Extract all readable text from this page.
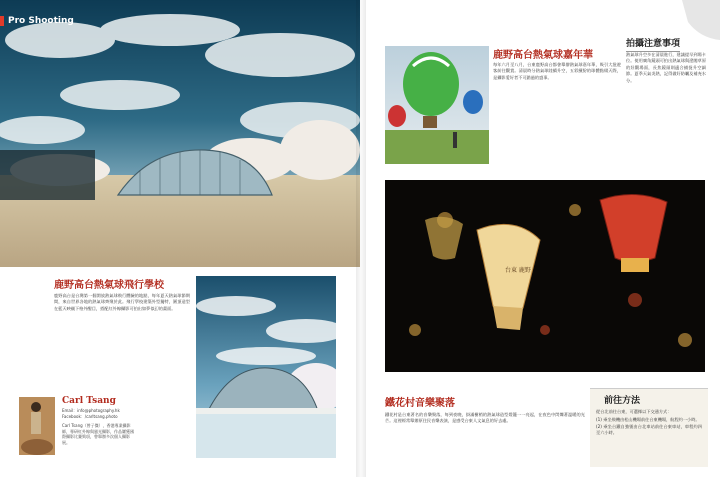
Pro Shooting
鹿野高台熱氣球飛行學校
鹿野高台是台灣第一個開放熱氣球飛行體驗的地點，每年夏天熱氣球節期間，來自世界各地的熱氣球齊聚於此。飛行學校建築外型獨特，圓頂造型在藍天映襯下格外醒目，搭配紅外線攝影可拍出如夢似幻的畫面。
Carl Tsang
Email：info@photography.hk Facebook：/carltsang.photo
Carl Tsang（曾子傑），香港專業攝影師，專研紅外線與風光攝影，作品屢獲國際攝影比賽獎項，曾舉辦多次個人攝影展。
鹿野高台熱氣球嘉年華
每年六月至八月，台東鹿野高台都會舉辦熱氣球嘉年華，吸引大批遊客前往觀賞。清晨時分熱氣球陸續升空，五彩繽紛的球體點綴天際，是攝影愛好者不可錯過的盛事。
拍攝注意事項
熱氣球升空多在清晨進行，建議提早到場卡位。使用廣角鏡頭可拍出熱氣球與遼闊草原的壯觀場面，長焦鏡頭則適合捕捉升空細節。夏季天氣炎熱，記得做好防曬及補充水分。
台東 鹿野
鐵花村音樂聚落
鐵花村是台東著名的音樂聚落，每到夜晚，掛滿樹梢的熱氣球造型燈籠一一亮起，在夜色中閃爍著溫暖的光芒。這裡經常舉辦原住民音樂表演，是感受台東人文氣息的好去處。
前往方法
從台北前往台東，可選擇以下交通方式：
(1) 乘坐飛機由松山機場前往台東機場，航程約一小時。
(2) 乘坐台鐵自強號由台北車站前往台東車站，車程約四至六小時。
